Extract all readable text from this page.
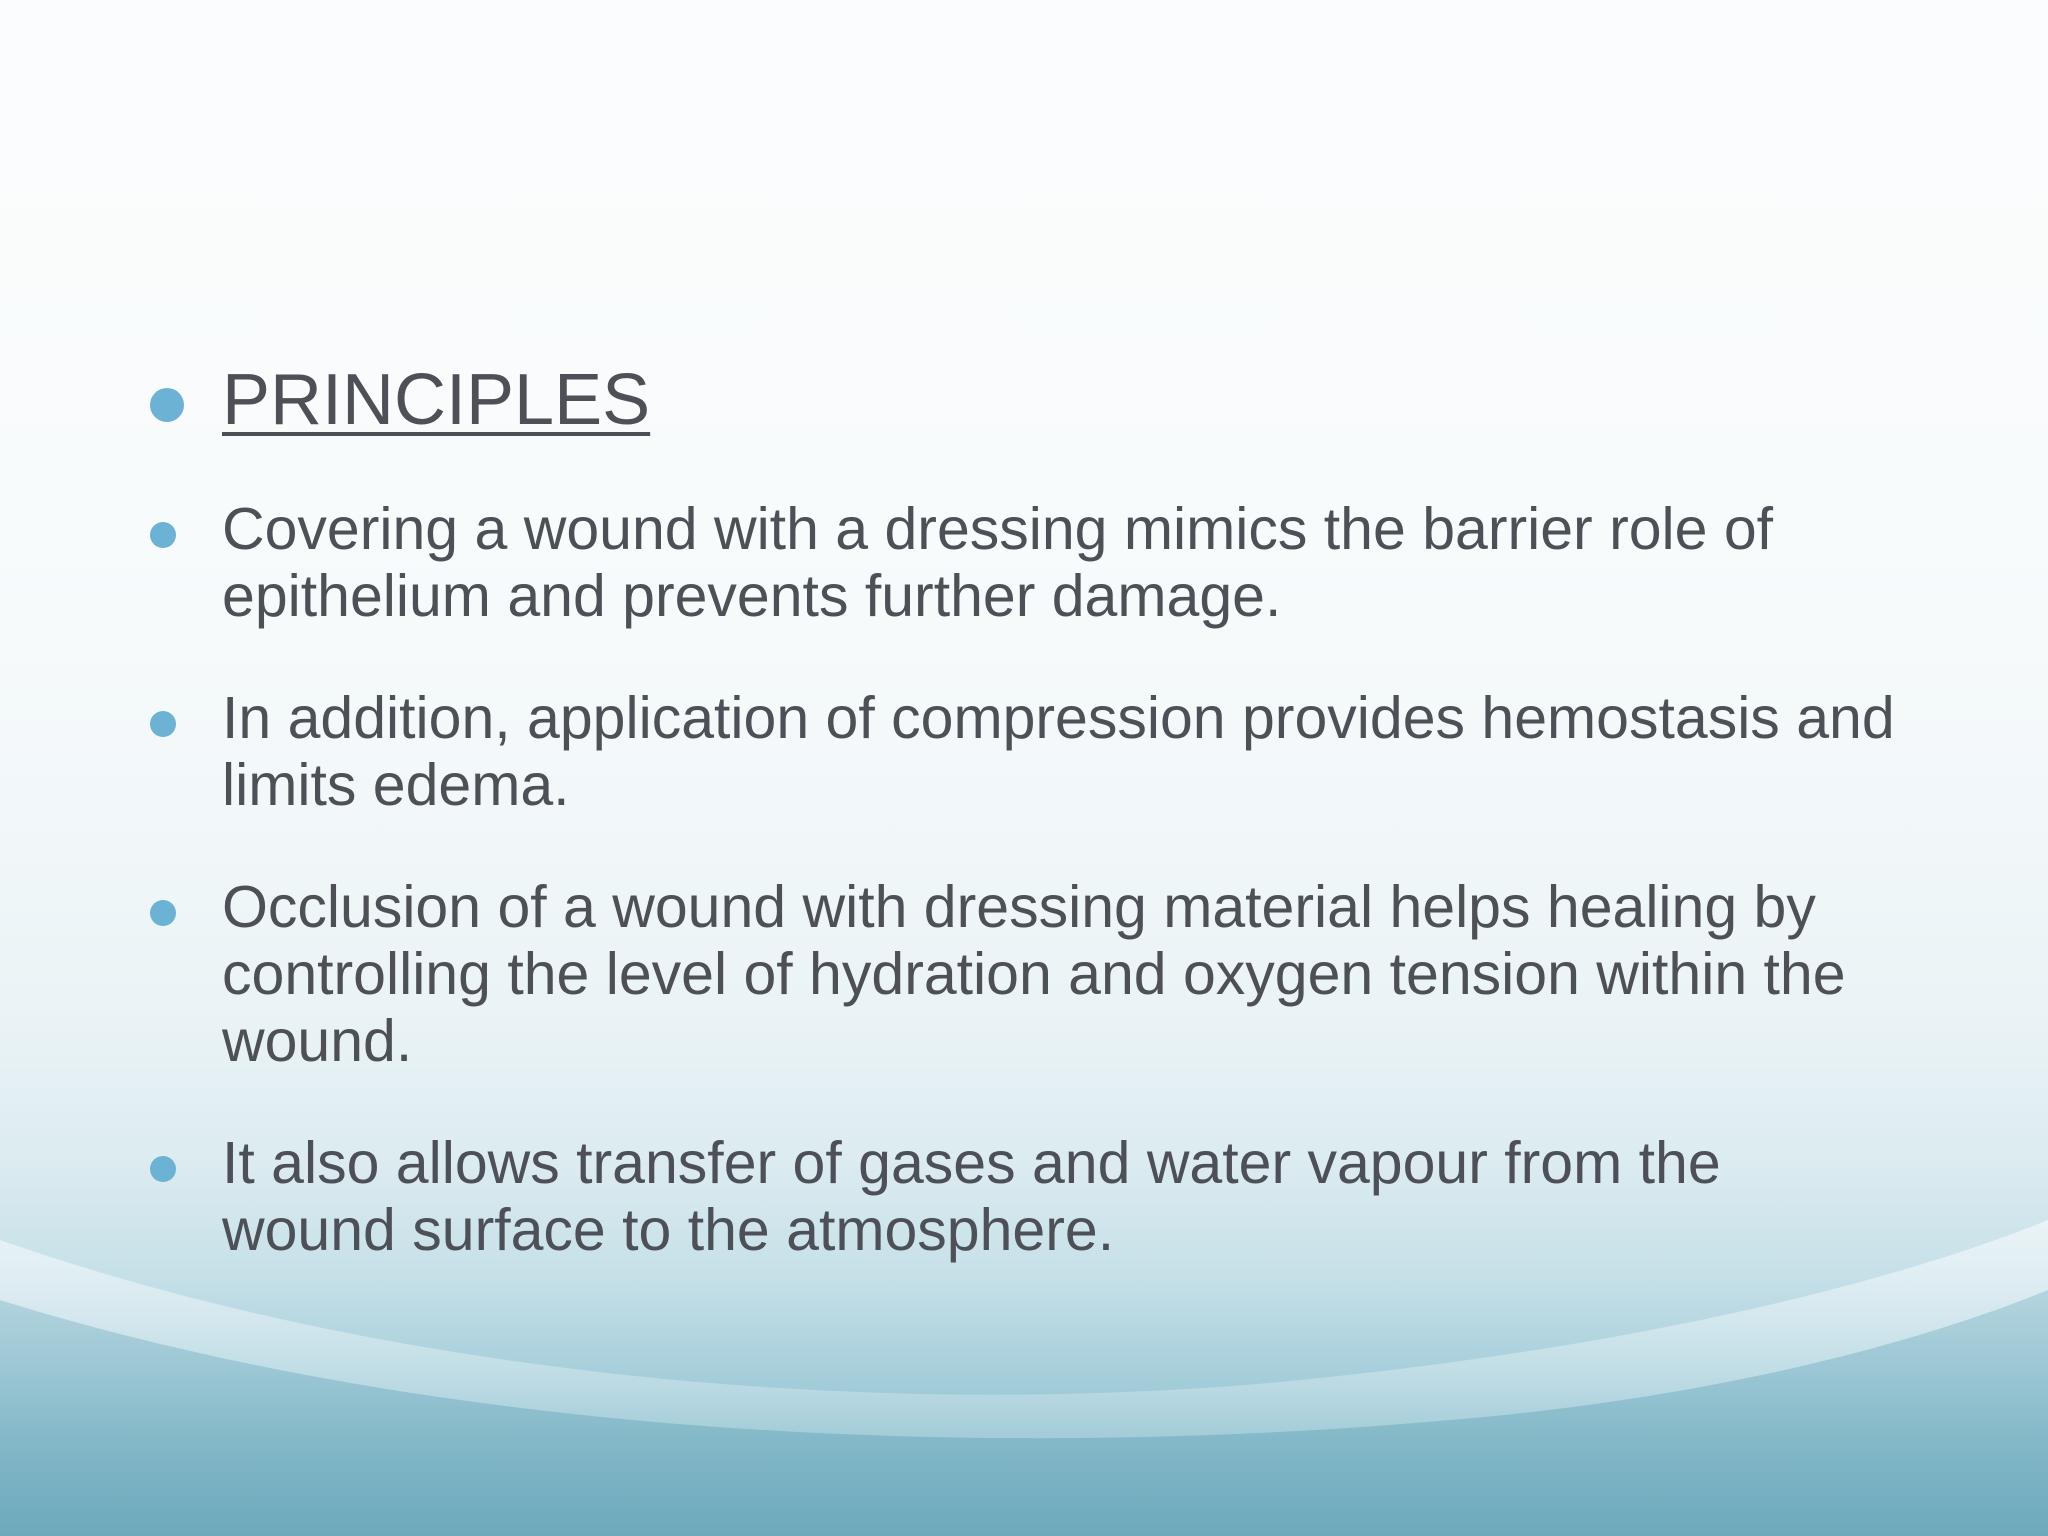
PRINCIPLES
Covering a wound with a dressing mimics the barrier role of epithelium and prevents further damage.
In addition, application of compression provides hemostasis and limits edema.
Occlusion of a wound with dressing material helps healing by controlling the level of hydration and oxygen tension within the wound.
It also allows transfer of gases and water vapour from the wound surface to the atmosphere.
